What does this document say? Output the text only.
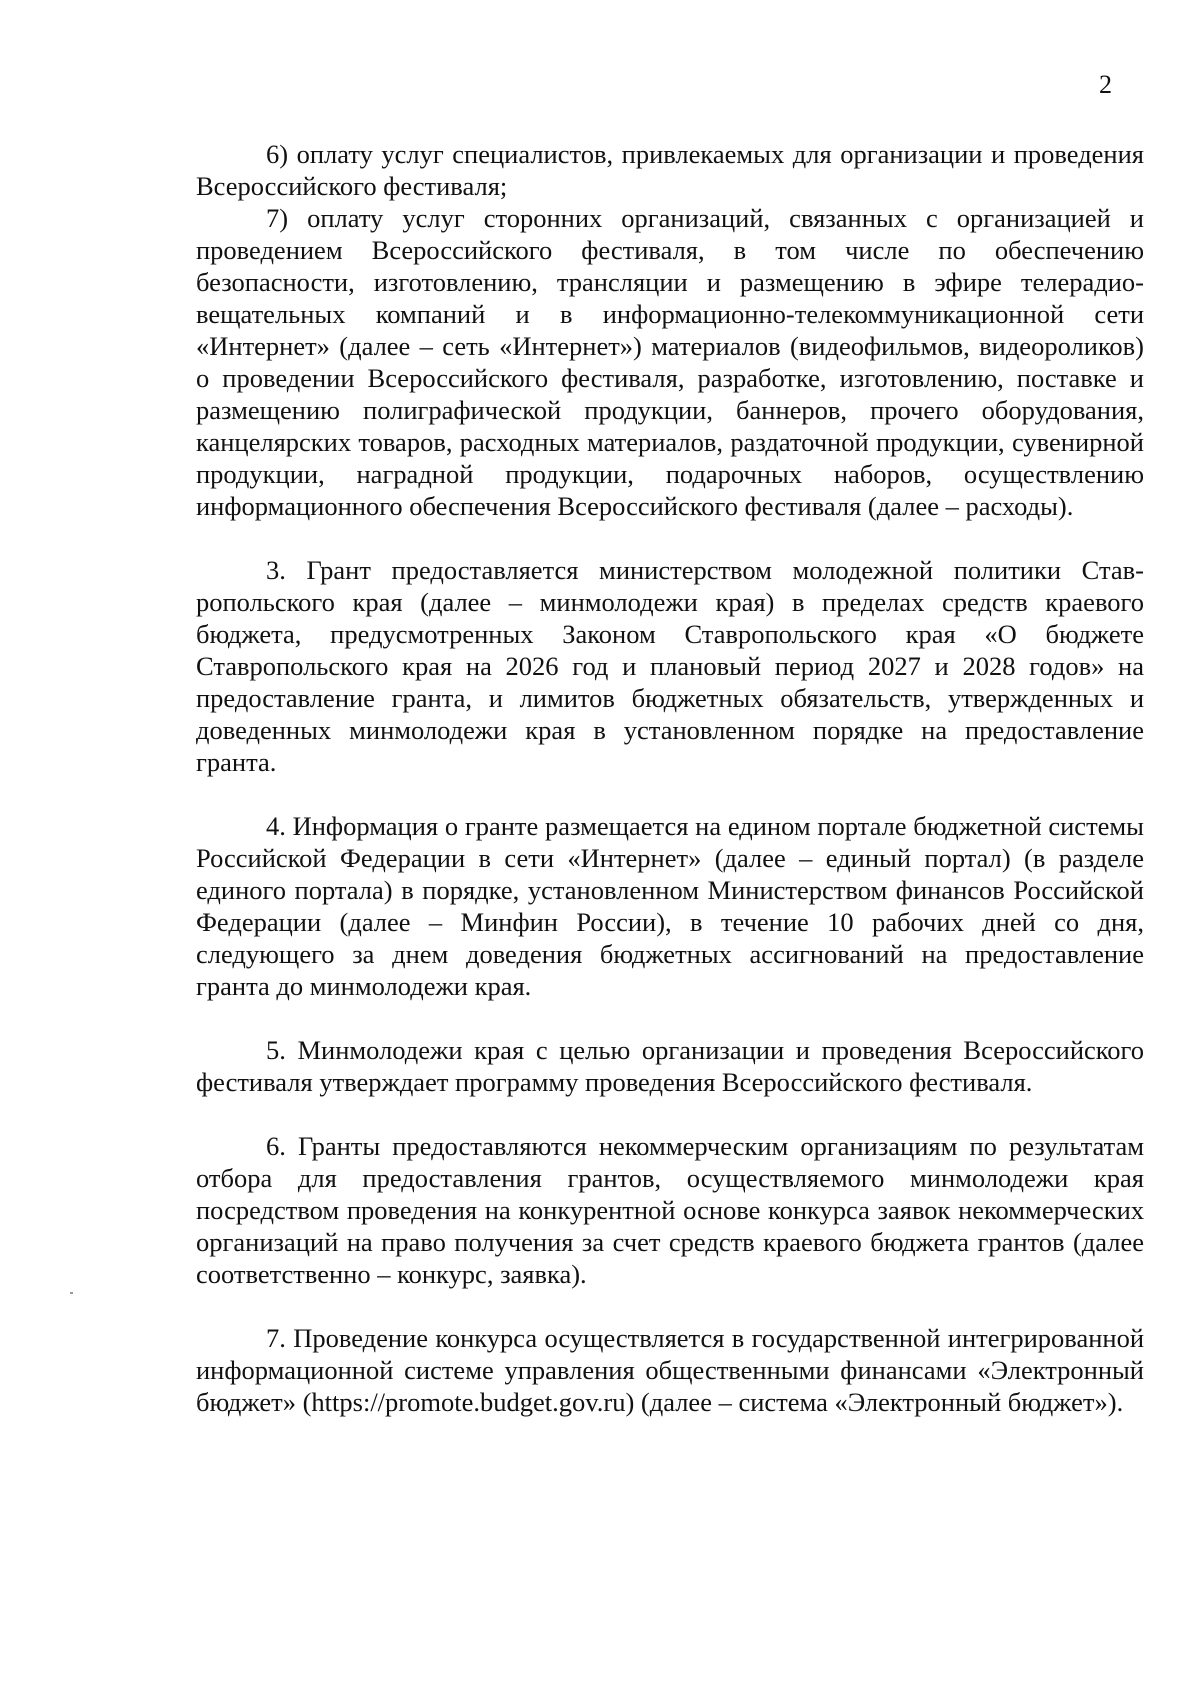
2

6) оплату услуг специалистов, привлекаемых для организации и проведения Всероссийского фестиваля;

7) оплату услуг сторонних организаций, связанных с организацией и проведением Всероссийского фестиваля, в том числе по обеспечению безопасности, изготовлению, трансляции и размещению в эфире телерадиовещательных компаний и в информационно-телекоммуникационной сети «Интернет» (далее – сеть «Интернет») материалов (видеофильмов, видеороликов) о проведении Всероссийского фестиваля, разработке, изготовлению, поставке и размещению полиграфической продукции, баннеров, прочего оборудования, канцелярских товаров, расходных материалов, раздаточной продукции, сувенирной продукции, наградной продукции, подарочных наборов, осуществлению информационного обеспечения Всероссийского фестиваля (далее – расходы).

3. Грант предоставляется министерством молодежной политики Ставропольского края (далее – минмолодежи края) в пределах средств краевого бюджета, предусмотренных Законом Ставропольского края «О бюджете Ставропольского края на 2026 год и плановый период 2027 и 2028 годов» на предоставление гранта, и лимитов бюджетных обязательств, утвержденных и доведенных минмолодежи края в установленном порядке на предоставление гранта.

4. Информация о гранте размещается на едином портале бюджетной системы Российской Федерации в сети «Интернет» (далее – единый портал) (в разделе единого портала) в порядке, установленном Министерством финансов Российской Федерации (далее – Минфин России), в течение 10 рабочих дней со дня, следующего за днем доведения бюджетных ассигнований на предоставление гранта до минмолодежи края.

5. Минмолодежи края с целью организации и проведения Всероссийского фестиваля утверждает программу проведения Всероссийского фестиваля.

6. Гранты предоставляются некоммерческим организациям по результатам отбора для предоставления грантов, осуществляемого минмолодежи края посредством проведения на конкурентной основе конкурса заявок некоммерческих организаций на право получения за счет средств краевого бюджета грантов (далее соответственно – конкурс, заявка).

7. Проведение конкурса осуществляется в государственной интегрированной информационной системе управления общественными финансами «Электронный бюджет» (https://promote.budget.gov.ru) (далее – система «Электронный бюджет»).
